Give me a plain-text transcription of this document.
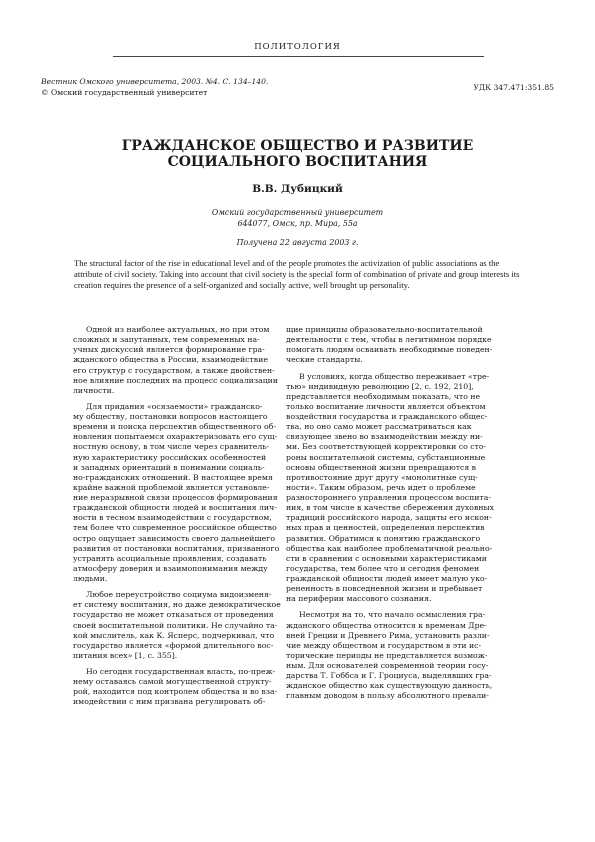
ПОЛИТОЛОГИЯ
Вестник Омского университета, 2003. №4. С. 134–140.
© Омский государственный университет
УДК 347.471:351.85
ГРАЖДАНСКОЕ ОБЩЕСТВО И РАЗВИТИЕ
СОЦИАЛЬНОГО ВОСПИТАНИЯ
В.В. Дубицкий
Омский государственный университет
644077, Омск, пр. Мира, 55а
Получена 22 августа 2003 г.
The structural factor of the rise in educational level and of the people promotes the activization of public associations as the attribute of civil society. Taking into account that civil society is the special form of combination of private and group interests its creation requires the presence of a self-organized and socially active, well brought up personality.

Одной из наиболее актуальных, но при этом
сложных и запутанных, тем современных на-
учных дискуссий является формирование гра-
жданского общества в России, взаимодействие
его структур с государством, а также двойствен-
ное влияние последних на процесс социализации
личности.

Для придания «осязаемости» гражданско-
му обществу, постановки вопросов настоящего
времени и поиска перспектив общественного об-
новления попытаемся охарактеризовать его сущ-
ностную основу, в том числе через сравнитель-
ную характеристику российских особенностей
и западных ориентаций в понимании социаль-
но-гражданских отношений. В настоящее время
крайне важной проблемой является установле-
ние неразрывной связи процессов формирования
гражданской общности людей и воспитания лич-
ности в тесном взаимодействии с государством,
тем более что современное российское общество
остро ощущает зависимость своего дальнейшего
развития от постановки воспитания, призванного
устранять асоциальные проявления, создавать
атмосферу доверия и взаимопонимания между
людьми.

Любое переустройство социума видоизменя-
ет систему воспитания, но даже демократическое
государство не может отказаться от проведения
своей воспитательной политики. Не случайно та-
кой мыслитель, как К. Ясперс, подчеркивал, что
государство является «формой длительного вос-
питания всех» [1, с. 355].

Но сегодня государственная власть, по-преж-
нему оставаясь самой могущественной структу-
рой, находится под контролем общества и во вза-
имодействии с ним призвана регулировать об-

щие принципы образовательно-воспитательной
деятельности с тем, чтобы в легитимном порядке
помогать людям осваивать необходимые поведен-
ческие стандарты.

В условиях, когда общество переживает «тре-
тью» индивидную революцию [2, с. 192, 210],
представляется необходимым показать, что не
только воспитание личности является объектом
воздействия государства и гражданского общес-
тва, но оно само может рассматриваться как
связующее звено во взаимодействии между ни-
ми. Без соответствующей корректировки со сто-
роны воспитательной системы, субстанционные
основы общественной жизни превращаются в
противостояние друг другу «монолитные сущ-
ности». Таким образом, речь идет о проблеме
разностороннего управления процессом воспита-
ния, в том числе в качестве сбережения духовных
традиций российского народа, защиты его искон-
ных прав и ценностей, определения перспектив
развития. Обратимся к понятию гражданского
общества как наиболее проблематичной реально-
сти в сравнении с основными характеристиками
государства, тем более что и сегодня феномен
гражданской общности людей имеет малую уко-
рененность в повседневной жизни и пребывает
на периферии массового сознания.

Несмотря на то, что начало осмысления гра-
жданского общества относится к временам Дре-
вней Греции и Древнего Рима, установить разли-
чие между обществом и государством в эти ис-
торические периоды не представляется возмож-
ным. Для основателей современной теории госу-
дарства Т. Гоббса и Г. Гроциуса, выделявших гра-
жданское общество как существующую данность,
главным доводом в пользу абсолютного превали-
